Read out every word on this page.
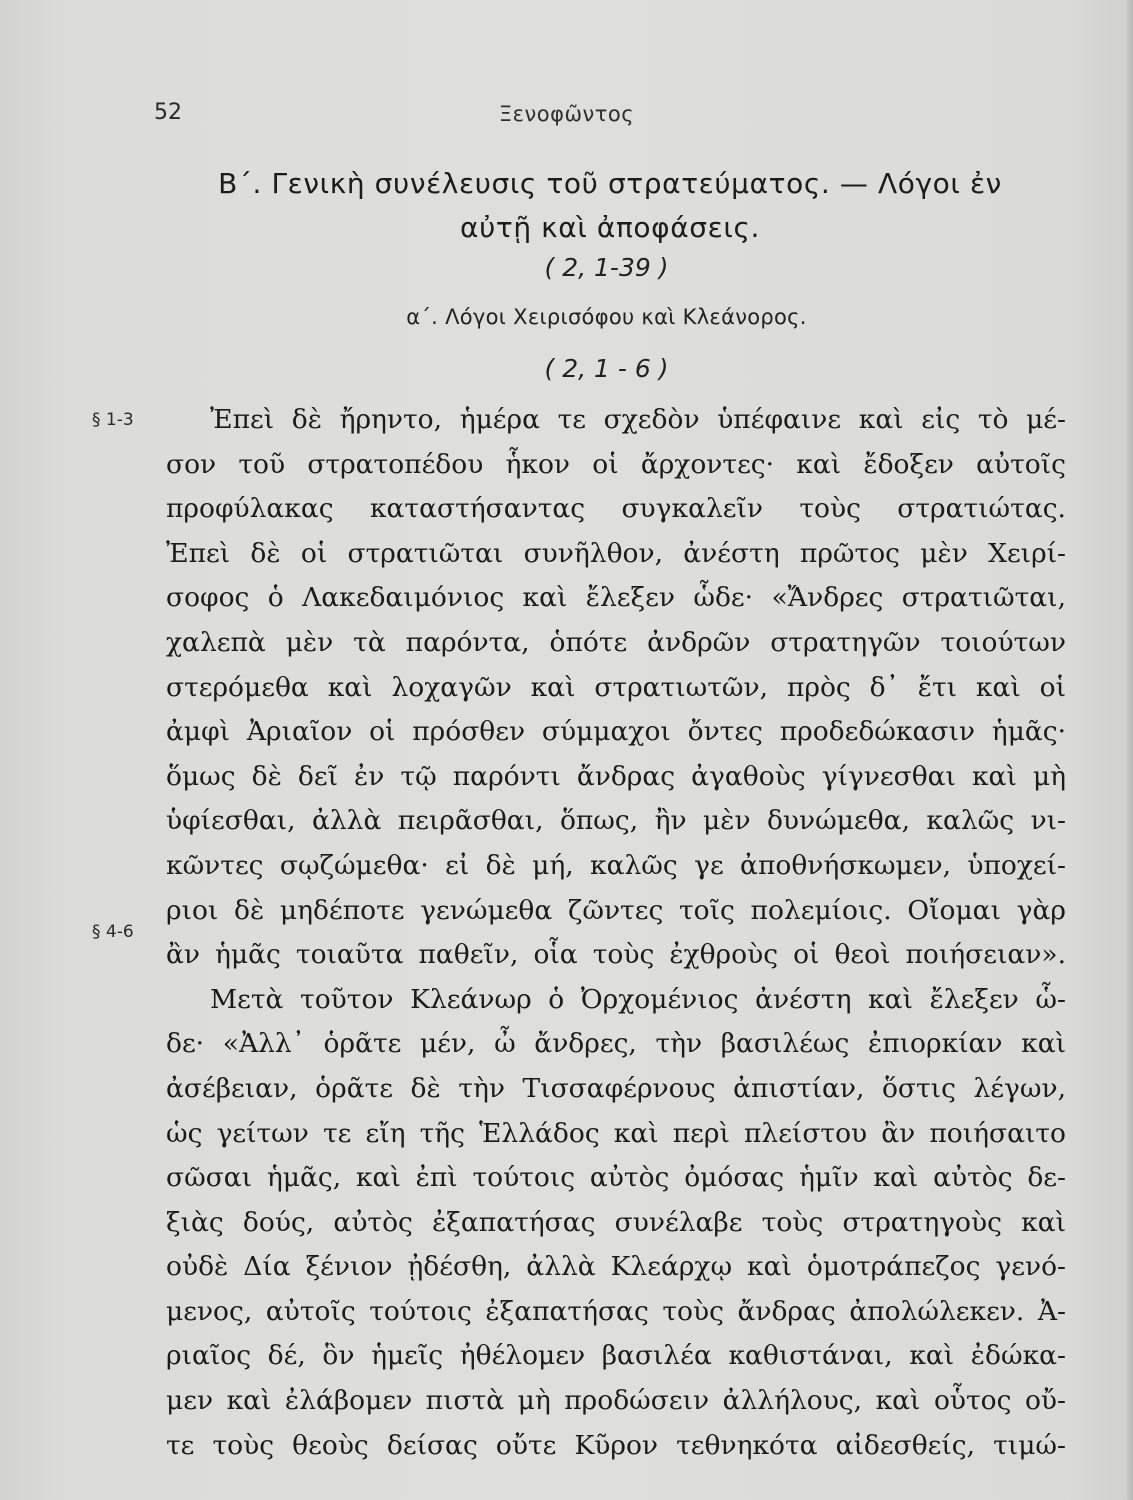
52	Ξενοφῶντος
Β΄. Γενικὴ συνέλευσις τοῦ στρατεύματος. — Λόγοι ἐν
αὐτῇ καὶ ἀποφάσεις.
( 2, 1-39 )
α΄. Λόγοι Χειρισόφου καὶ Κλεάνορος.
( 2, 1 - 6 )
§ 1-3
§ 4-6
Ἐπεὶ δὲ ἤρηντο, ἡμέρα τε σχεδὸν ὑπέφαινε καὶ εἰς τὸ μέ-
σον τοῦ στρατοπέδου ἧκον οἱ ἄρχοντες· καὶ ἔδοξεν αὐτοῖς
προφύλακας καταστήσαντας συγκαλεῖν τοὺς στρατιώτας.
Ἐπεὶ δὲ οἱ στρατιῶται συνῆλθον, ἀνέστη πρῶτος μὲν Χειρί-
σοφος ὁ Λακεδαιμόνιος καὶ ἔλεξεν ὧδε· «Ἄνδρες στρατιῶται,
χαλεπὰ μὲν τὰ παρόντα, ὁπότε ἀνδρῶν στρατηγῶν τοιούτων
στερόμεθα καὶ λοχαγῶν καὶ στρατιωτῶν, πρὸς δ᾽ ἔτι καὶ οἱ
ἀμφὶ Ἀριαῖον οἱ πρόσθεν σύμμαχοι ὄντες προδεδώκασιν ἡμᾶς·
ὅμως δὲ δεῖ ἐν τῷ παρόντι ἄνδρας ἀγαθοὺς γίγνεσθαι καὶ μὴ
ὑφίεσθαι, ἀλλὰ πειρᾶσθαι, ὅπως, ἢν μὲν δυνώμεθα, καλῶς νι-
κῶντες σῳζώμεθα· εἰ δὲ μή, καλῶς γε ἀποθνήσκωμεν, ὑποχεί-
ριοι δὲ μηδέποτε γενώμεθα ζῶντες τοῖς πολεμίοις. Οἴομαι γὰρ
ἂν ἡμᾶς τοιαῦτα παθεῖν, οἷα τοὺς ἐχθροὺς οἱ θεοὶ ποιήσειαν».
Μετὰ τοῦτον Κλεάνωρ ὁ Ὀρχομένιος ἀνέστη καὶ ἔλεξεν ὧ-
δε· «Ἀλλ᾽ ὁρᾶτε μέν, ὦ ἄνδρες, τὴν βασιλέως ἐπιορκίαν καὶ
ἀσέβειαν, ὁρᾶτε δὲ τὴν Τισσαφέρνους ἀπιστίαν, ὅστις λέγων,
ὡς γείτων τε εἴη τῆς Ἑλλάδος καὶ περὶ πλείστου ἂν ποιήσαιτο
σῶσαι ἡμᾶς, καὶ ἐπὶ τούτοις αὐτὸς ὀμόσας ἡμῖν καὶ αὐτὸς δε-
ξιὰς δούς, αὐτὸς ἐξαπατήσας συνέλαβε τοὺς στρατηγοὺς καὶ
οὐδὲ Δία ξένιον ᾐδέσθη, ἀλλὰ Κλεάρχῳ καὶ ὁμοτράπεζος γενό-
μενος, αὐτοῖς τούτοις ἐξαπατήσας τοὺς ἄνδρας ἀπολώλεκεν. Ἀ-
ριαῖος δέ, ὃν ἡμεῖς ἠθέλομεν βασιλέα καθιστάναι, καὶ ἐδώκα-
μεν καὶ ἐλάβομεν πιστὰ μὴ προδώσειν ἀλλήλους, καὶ οὗτος οὔ-
τε τοὺς θεοὺς δείσας οὔτε Κῦρον τεθνηκότα αἰδεσθείς, τιμώ-
